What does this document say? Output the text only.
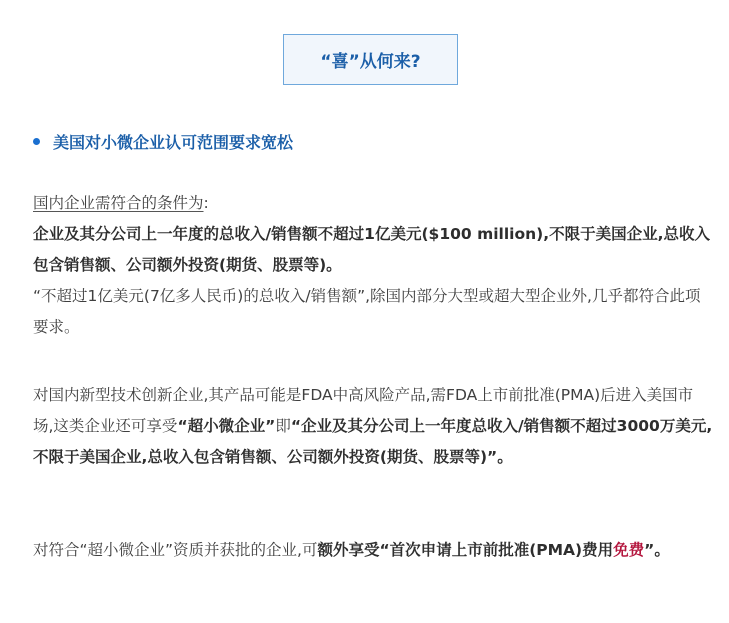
“喜”从何来?
美国对小微企业认可范围要求宽松

国内企业需符合的条件为:

企业及其分公司上一年度的总收入/销售额不超过1亿美元($100 million),不限于美国企业,总收入包含销售额、公司额外投资(期货、股票等)。

“不超过1亿美元(7亿多人民币)的总收入/销售额”,除国内部分大型或超大型企业外,几乎都符合此项要求。

对国内新型技术创新企业,其产品可能是FDA中高风险产品,需FDA上市前批准(PMA)后进入美国市场,这类企业还可享受“超小微企业”即“企业及其分公司上一年度总收入/销售额不超过3000万美元,不限于美国企业,总收入包含销售额、公司额外投资(期货、股票等)”。

对符合“超小微企业”资质并获批的企业,可额外享受“首次申请上市前批准(PMA)费用免费”。
